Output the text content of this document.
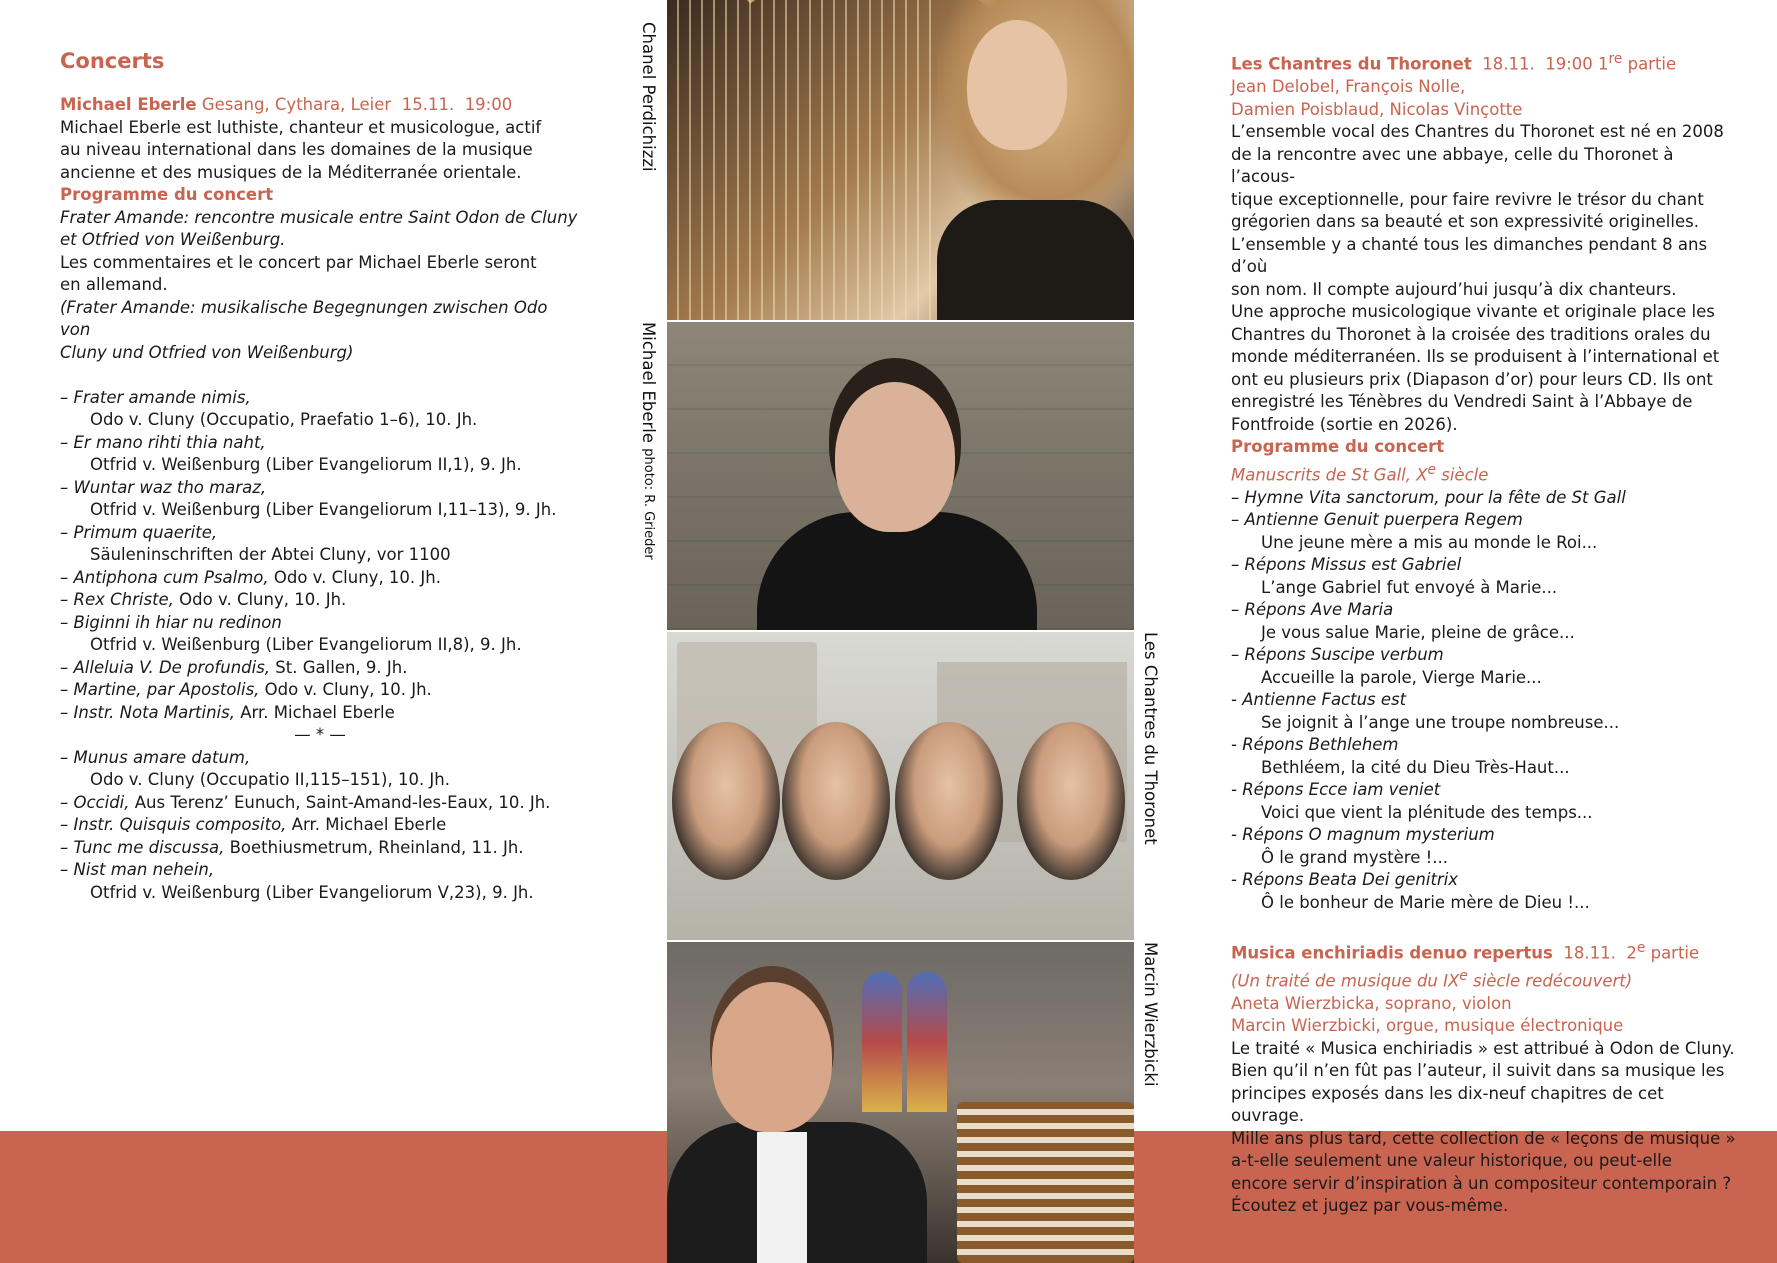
Concerts
Michael Eberle Gesang, Cythara, Leier 15.11. 19:00
Michael Eberle est luthiste, chanteur et musicologue, actif
au niveau international dans les domaines de la musique
ancienne et des musiques de la Méditerranée orientale.
Programme du concert
Frater Amande: rencontre musicale entre Saint Odon de Cluny
et Otfried von Weißenburg.
Les commentaires et le concert par Michael Eberle seront
en allemand.
(Frater Amande: musikalische Begegnungen zwischen Odo von
Cluny und Otfried von Weißenburg)
– Frater amande nimis,
Odo v. Cluny (Occupatio, Praefatio 1–6), 10. Jh.
– Er mano rihti thia naht,
Otfrid v. Weißenburg (Liber Evangeliorum II,1), 9. Jh.
– Wuntar waz tho maraz,
Otfrid v. Weißenburg (Liber Evangeliorum I,11–13), 9. Jh.
– Primum quaerite,
Säuleninschriften der Abtei Cluny, vor 1100
– Antiphona cum Psalmo, Odo v. Cluny, 10. Jh.
– Rex Christe, Odo v. Cluny, 10. Jh.
– Biginni ih hiar nu redinon
Otfrid v. Weißenburg (Liber Evangeliorum II,8), 9. Jh.
– Alleluia V. De profundis, St. Gallen, 9. Jh.
– Martine, par Apostolis, Odo v. Cluny, 10. Jh.
– Instr. Nota Martinis, Arr. Michael Eberle
— * —
– Munus amare datum,
Odo v. Cluny (Occupatio II,115–151), 10. Jh.
– Occidi, Aus Terenz’ Eunuch, Saint-Amand-les-Eaux, 10. Jh.
– Instr. Quisquis composito, Arr. Michael Eberle
– Tunc me discussa, Boethiusmetrum, Rheinland, 11. Jh.
– Nist man nehein,
Otfrid v. Weißenburg (Liber Evangeliorum V,23), 9. Jh.
Chanel Perdichizzi
Michael Eberle photo: R. Grieder
Les Chantres du Thoronet
Marcin Wierzbicki
Les Chantres du Thoronet 18.11. 19:00 1re partie
Jean Delobel, François Nolle,
Damien Poisblaud, Nicolas Vinçotte
L’ensemble vocal des Chantres du Thoronet est né en 2008
de la rencontre avec une abbaye, celle du Thoronet à l’acous-
tique exceptionnelle, pour faire revivre le trésor du chant
grégorien dans sa beauté et son expressivité originelles.
L’ensemble y a chanté tous les dimanches pendant 8 ans d’où
son nom. Il compte aujourd’hui jusqu’à dix chanteurs.
Une approche musicologique vivante et originale place les
Chantres du Thoronet à la croisée des traditions orales du
monde méditerranéen. Ils se produisent à l’international et
ont eu plusieurs prix (Diapason d’or) pour leurs CD. Ils ont
enregistré les Ténèbres du Vendredi Saint à l’Abbaye de
Fontfroide (sortie en 2026).
Programme du concert
Manuscrits de St Gall, Xe siècle
– Hymne Vita sanctorum, pour la fête de St Gall
– Antienne Genuit puerpera Regem
Une jeune mère a mis au monde le Roi...
– Répons Missus est Gabriel
L’ange Gabriel fut envoyé à Marie...
– Répons Ave Maria
Je vous salue Marie, pleine de grâce...
– Répons Suscipe verbum
Accueille la parole, Vierge Marie...
- Antienne Factus est
Se joignit à l’ange une troupe nombreuse...
- Répons Bethlehem
Bethléem, la cité du Dieu Très-Haut...
- Répons Ecce iam veniet
Voici que vient la plénitude des temps...
- Répons O magnum mysterium
Ô le grand mystère !...
- Répons Beata Dei genitrix
Ô le bonheur de Marie mère de Dieu !...
Musica enchiriadis denuo repertus 18.11. 2e partie
(Un traité de musique du IXe siècle redécouvert)
Aneta Wierzbicka, soprano, violon
Marcin Wierzbicki, orgue, musique électronique
Le traité « Musica enchiriadis » est attribué à Odon de Cluny.
Bien qu’il n’en fût pas l’auteur, il suivit dans sa musique les
principes exposés dans les dix-neuf chapitres de cet ouvrage.
Mille ans plus tard, cette collection de « leçons de musique »
a-t-elle seulement une valeur historique, ou peut-elle
encore servir d’inspiration à un compositeur contemporain ?
Écoutez et jugez par vous-même.
